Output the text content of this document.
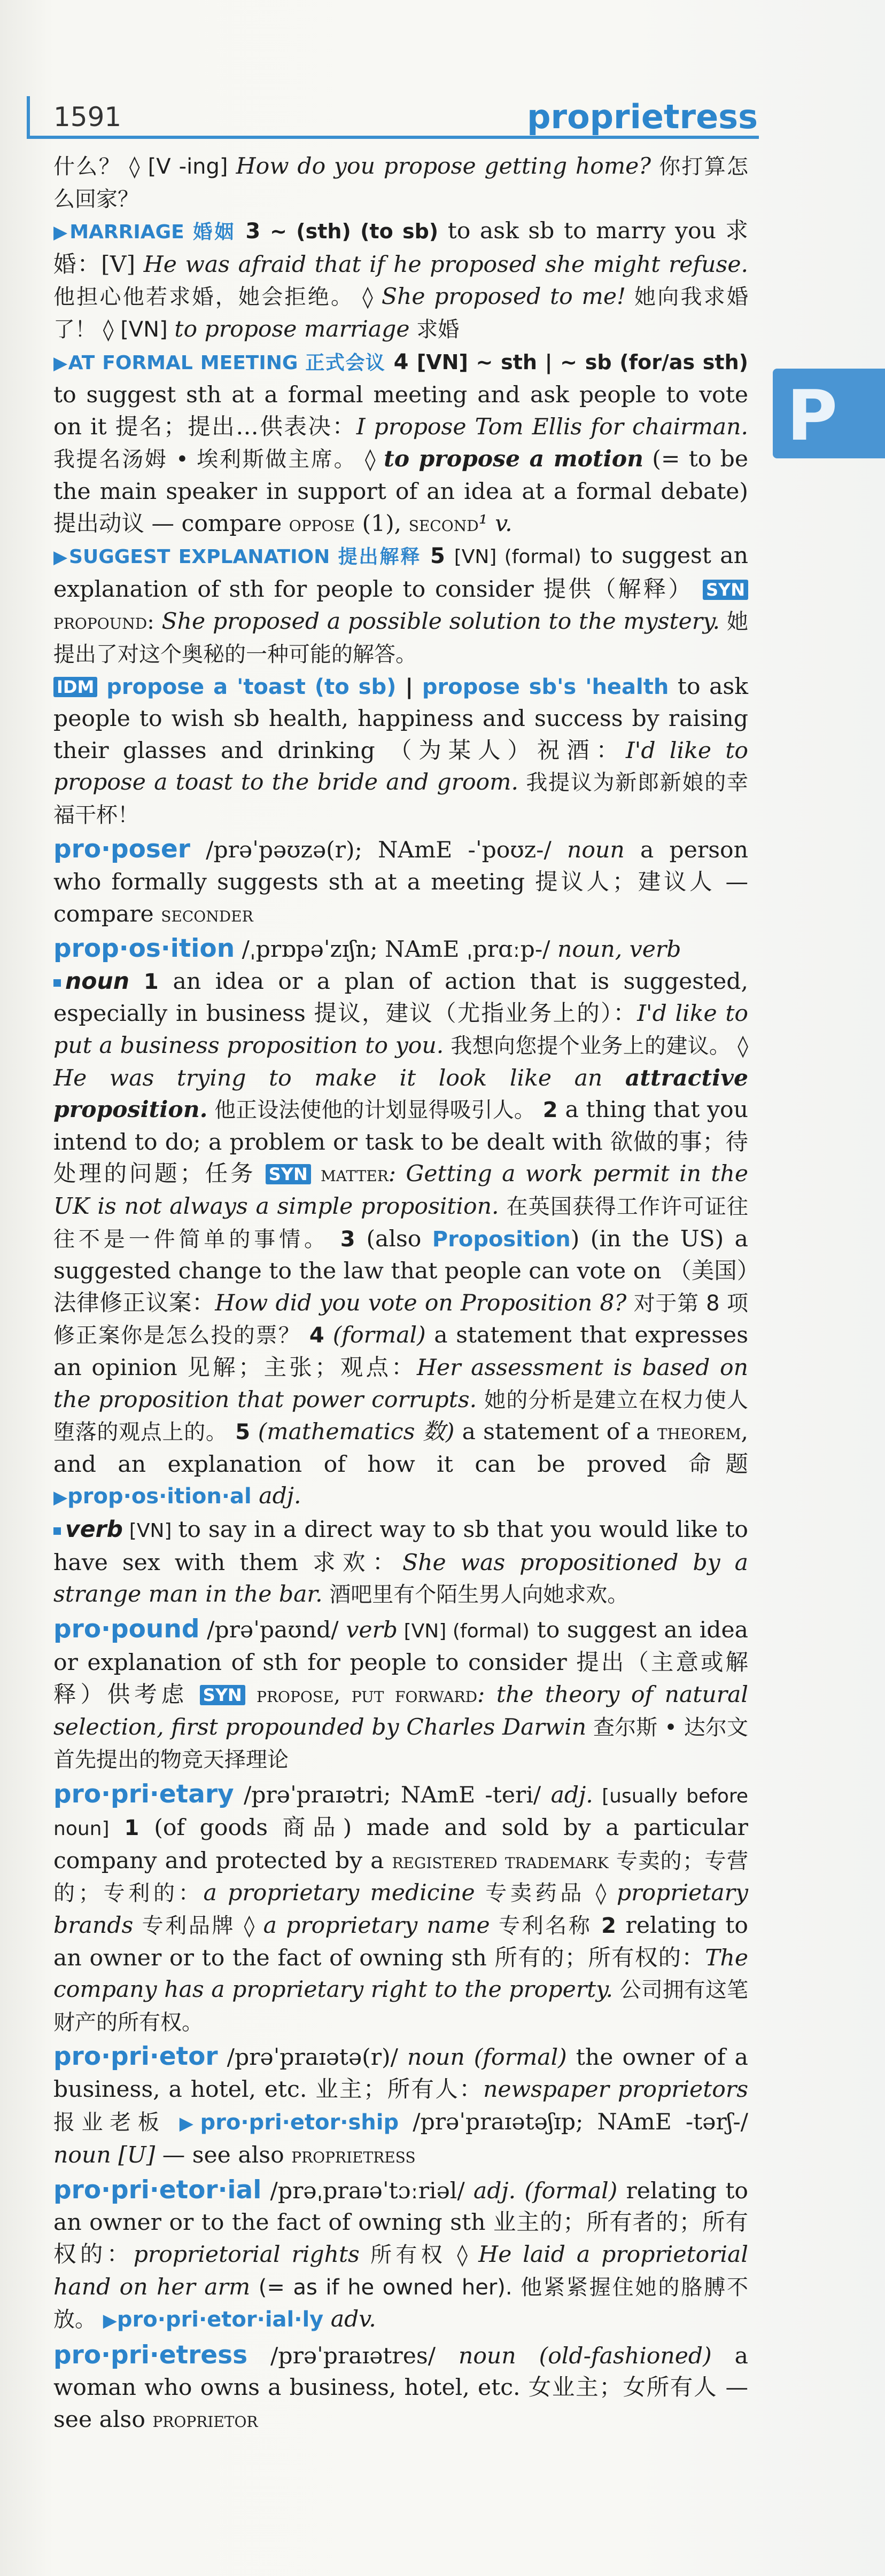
1591	proprietress
P

什么？ ◊ [V -ing] How do you propose getting home? 你打算怎么回家？

▶MARRIAGE 婚姻 3 ~ (sth) (to sb) to ask sb to marry you 求婚：[V] He was afraid that if he proposed she might refuse. 他担心他若求婚，她会拒绝。 ◊ She proposed to me! 她向我求婚了！ ◊ [VN] to propose marriage 求婚

▶AT FORMAL MEETING 正式会议 4 [VN] ~ sth | ~ sb (for/as sth) to suggest sth at a formal meeting and ask people to vote on it 提名；提出…供表决：I propose Tom Ellis for chairman. 我提名汤姆 • 埃利斯做主席。 ◊ to propose a motion (= to be the main speaker in support of an idea at a formal debate) 提出动议 — compare oppose (1), second¹ v.

▶SUGGEST EXPLANATION 提出解释 5 [VN] (formal) to suggest an explanation of sth for people to consider 提供（解释） SYN propound: She proposed a possible solution to the mystery. 她提出了对这个奥秘的一种可能的解答。

IDM propose a 'toast (to sb) | propose sb's 'health to ask people to wish sb health, happiness and success by raising their glasses and drinking （为某人）祝酒：I'd like to propose a toast to the bride and groom. 我提议为新郎新娘的幸福干杯！

pro·poser /prəˈpəʊzə(r); NAmE -ˈpoʊz-/ noun a person who formally suggests sth at a meeting 提议人；建议人 — compare seconder

prop·os·ition /ˌprɒpəˈzɪʃn; NAmE ˌprɑːp-/ noun, verb

noun 1 an idea or a plan of action that is suggested, especially in business 提议，建议（尤指业务上的）：I'd like to put a business proposition to you. 我想向您提个业务上的建议。 ◊ He was trying to make it look like an attractive proposition. 他正设法使他的计划显得吸引人。 2 a thing that you intend to do; a problem or task to be dealt with 欲做的事；待处理的问题；任务 SYN matter: Getting a work permit in the UK is not always a simple proposition. 在英国获得工作许可证往往不是一件简单的事情。 3 (also Proposition) (in the US) a suggested change to the law that people can vote on （美国）法律修正议案：How did you vote on Proposition 8? 对于第 8 项修正案你是怎么投的票？ 4 (formal) a statement that expresses an opinion 见解；主张；观点：Her assessment is based on the proposition that power corrupts. 她的分析是建立在权力使人堕落的观点上的。 5 (mathematics 数) a statement of a theorem, and an explanation of how it can be proved 命题 ▶prop·os·ition·al adj.

verb [VN] to say in a direct way to sb that you would like to have sex with them 求欢：She was propositioned by a strange man in the bar. 酒吧里有个陌生男人向她求欢。

pro·pound /prəˈpaʊnd/ verb [VN] (formal) to suggest an idea or explanation of sth for people to consider 提出（主意或解释）供考虑 SYN propose, put forward: the theory of natural selection, first propounded by Charles Darwin 查尔斯 • 达尔文首先提出的物竞天择理论

pro·pri·etary /prəˈpraɪətri; NAmE -teri/ adj. [usually before noun] 1 (of goods 商品) made and sold by a particular company and protected by a registered trademark 专卖的；专营的；专利的：a proprietary medicine 专卖药品 ◊ proprietary brands 专利品牌 ◊ a proprietary name 专利名称 2 relating to an owner or to the fact of owning sth 所有的；所有权的：The company has a proprietary right to the property. 公司拥有这笔财产的所有权。

pro·pri·etor /prəˈpraɪətə(r)/ noun (formal) the owner of a business, a hotel, etc. 业主；所有人：newspaper proprietors 报业老板 ▶pro·pri·etor·ship /prəˈpraɪətəʃɪp; NAmE -tərʃ-/ noun [U] — see also proprietress

pro·pri·etor·ial /prəˌpraɪəˈtɔːriəl/ adj. (formal) relating to an owner or to the fact of owning sth 业主的；所有者的；所有权的：proprietorial rights 所有权 ◊ He laid a proprietorial hand on her arm (= as if he owned her). 他紧紧握住她的胳膊不放。 ▶pro·pri·etor·ial·ly adv.

pro·pri·etress /prəˈpraɪətres/ noun (old-fashioned) a woman who owns a business, hotel, etc. 女业主；女所有人 — see also proprietor
